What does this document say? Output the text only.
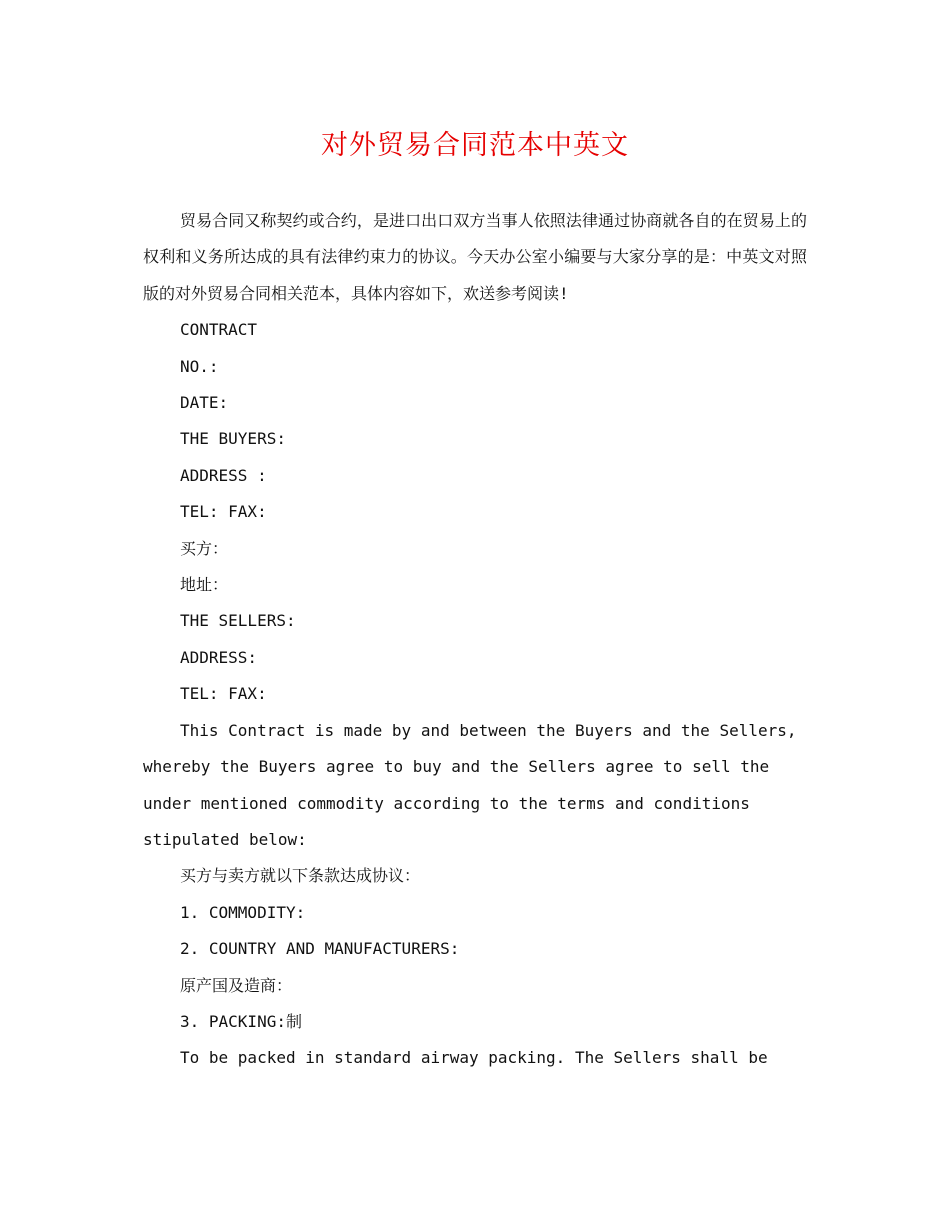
对外贸易合同范本中英文

贸易合同又称契约或合约，是进口出口双方当事人依照法律通过协商就各自的在贸易上的权利和义务所达成的具有法律约束力的协议。今天办公室小编要与大家分享的是：中英文对照版的对外贸易合同相关范本，具体内容如下，欢送参考阅读!

CONTRACT

NO.:

DATE:

THE BUYERS:

ADDRESS :

TEL: FAX:

买方：

地址：

THE SELLERS:

ADDRESS:

TEL: FAX:

This Contract is made by and between the Buyers and the Sellers, whereby the Buyers agree to buy and the Sellers agree to sell the under mentioned commodity according to the terms and conditions stipulated below:

买方与卖方就以下条款达成协议：

1. COMMODITY:

2. COUNTRY AND MANUFACTURERS:

原产国及造商：

3. PACKING:制

To be packed in standard airway packing. The Sellers shall be
